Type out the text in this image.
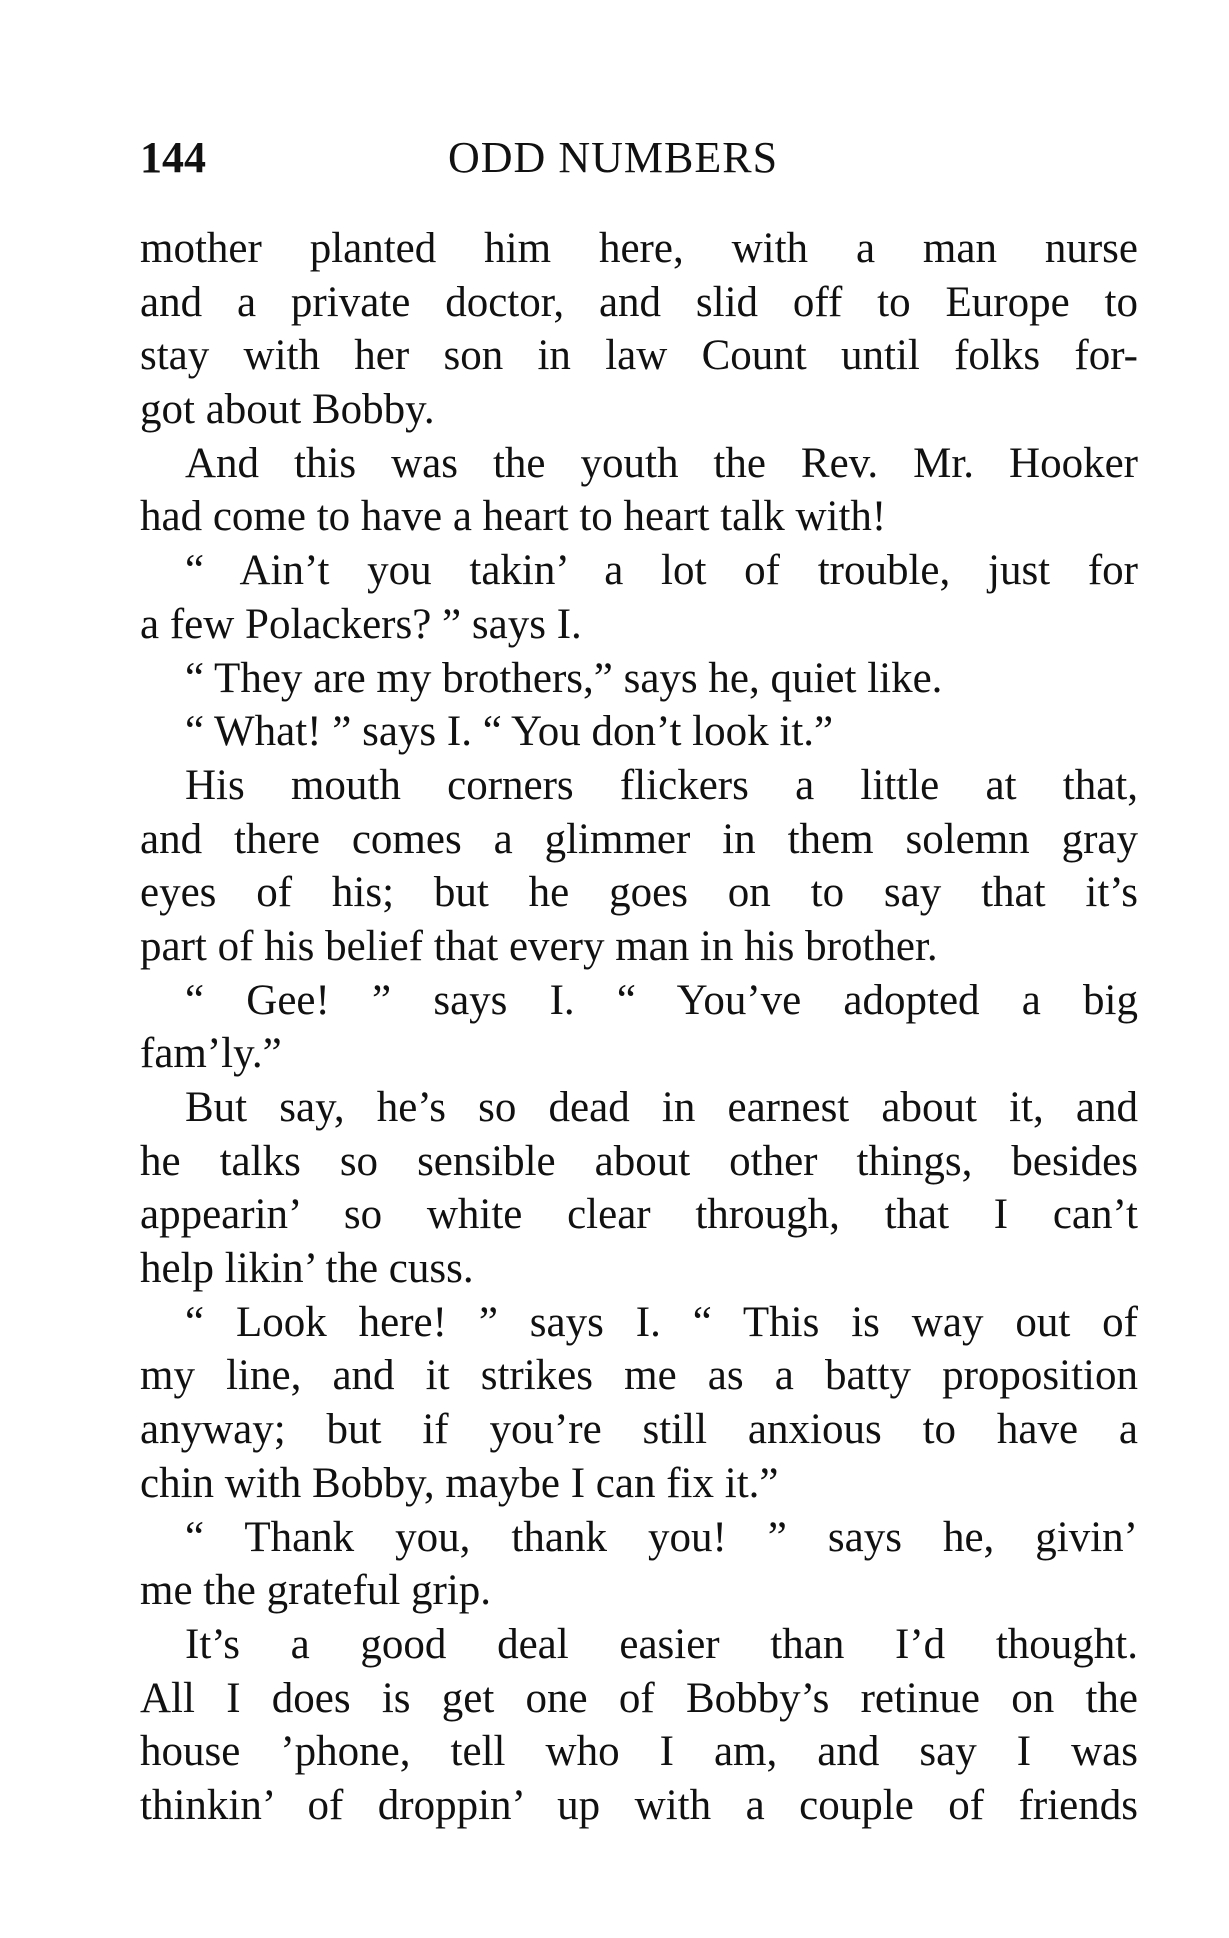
144	ODD NUMBERS
mother planted him here, with a man nurse
and a private doctor, and slid off to Europe to
stay with her son in law Count until folks for-
got about Bobby.
And this was the youth the Rev. Mr. Hooker
had come to have a heart to heart talk with!
“ Ain’t you takin’ a lot of trouble, just for
a few Polackers? ” says I.
“ They are my brothers,” says he, quiet like.
“ What! ” says I. “ You don’t look it.”
His mouth corners flickers a little at that,
and there comes a glimmer in them solemn gray
eyes of his; but he goes on to say that it’s
part of his belief that every man in his brother.
“ Gee! ” says I. “ You’ve adopted a big
fam’ly.”
But say, he’s so dead in earnest about it, and
he talks so sensible about other things, besides
appearin’ so white clear through, that I can’t
help likin’ the cuss.
“ Look here! ” says I. “ This is way out of
my line, and it strikes me as a batty proposition
anyway; but if you’re still anxious to have a
chin with Bobby, maybe I can fix it.”
“ Thank you, thank you! ” says he, givin’
me the grateful grip.
It’s a good deal easier than I’d thought.
All I does is get one of Bobby’s retinue on the
house ’phone, tell who I am, and say I was
thinkin’ of droppin’ up with a couple of friends
